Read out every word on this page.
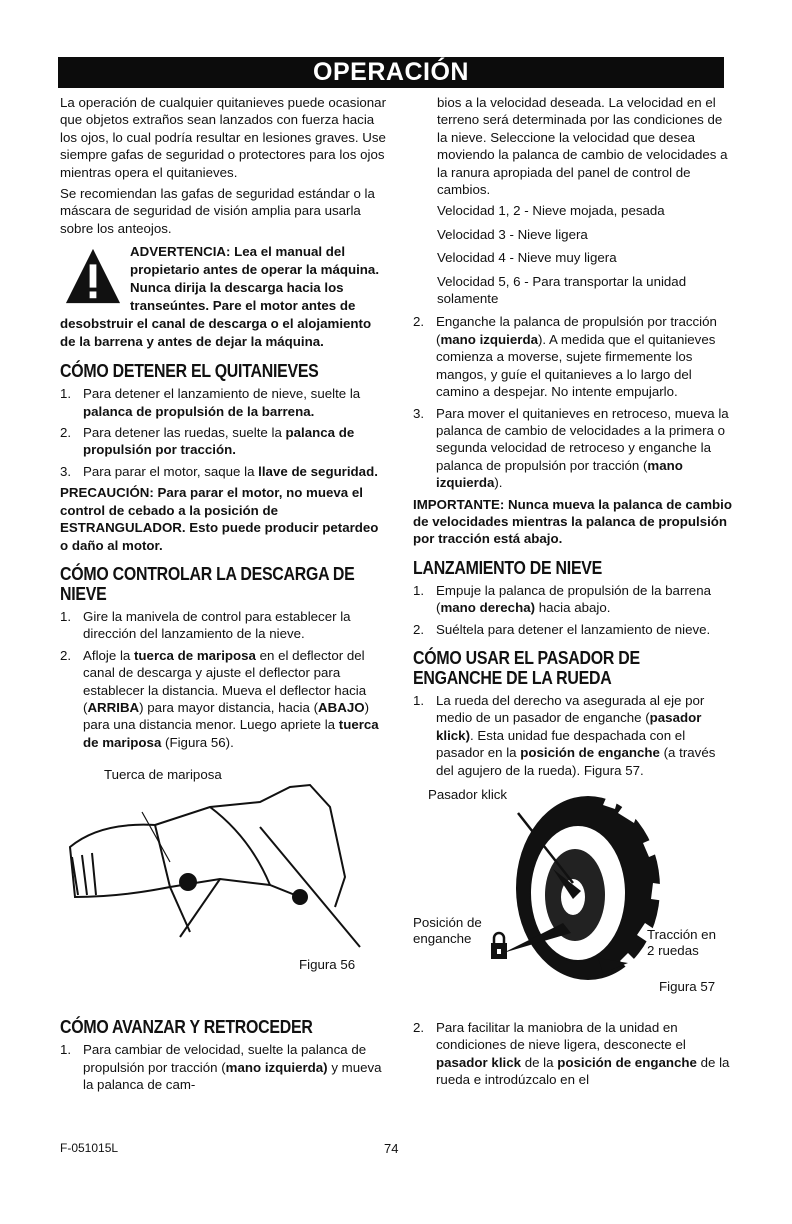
OPERACIÓN

La operación de cualquier quitanieves puede ocasionar que objetos extraños sean lanzados con fuerza hacia los ojos, lo cual podría resultar en lesiones graves. Use siempre gafas de seguridad o protectores para los ojos mientras opera el quitanieves.

Se recomiendan las gafas de seguridad estándar o la máscara de seguridad de visión amplia para usarla sobre los anteojos.

ADVERTENCIA: Lea el manual del propietario antes de operar la máquina. Nunca dirija la descarga hacia los transeúntes. Pare el motor antes de desobstruir el canal de descarga o el alojamiento de la barrena y antes de dejar la máquina.
CÓMO DETENER EL QUITANIEVES
1. Para detener el lanzamiento de nieve, suelte la palanca de propulsión de la barrena.
2. Para detener las ruedas, suelte la palanca de propulsión por tracción.
3. Para parar el motor, saque la llave de seguridad.

PRECAUCIÓN: Para parar el motor, no mueva el control de cebado a la posición de ESTRANGULADOR. Esto puede producir petardeo o daño al motor.

CÓMO CONTROLAR LA DESCARGA DE NIEVE
1. Gire la manivela de control para establecer la dirección del lanzamiento de la nieve.
2. Afloje la tuerca de mariposa en el deflector del canal de descarga y ajuste el deflector para establecer la distancia. Mueva el deflector hacia (ARRIBA) para mayor distancia, hacia (ABAJO) para una distancia menor. Luego apriete la tuerca de mariposa (Figura 56).
Tuerca de mariposa
Figura 56
CÓMO AVANZAR Y RETROCEDER
1. Para cambiar de velocidad, suelte la palanca de propulsión por tracción (mano izquierda) y mueva la palanca de cam-

bios a la velocidad deseada. La velocidad en el terreno será determinada por las condiciones de la nieve. Seleccione la velocidad que desea moviendo la palanca de cambio de velocidades a la ranura apropiada del panel de control de cambios.

Velocidad 1, 2 - Nieve mojada, pesada
Velocidad 3 - Nieve ligera
Velocidad 4 - Nieve muy ligera
Velocidad 5, 6 - Para transportar la unidad solamente
2. Enganche la palanca de propulsión por tracción (mano izquierda). A medida que el quitanieves comienza a moverse, sujete firmemente los mangos, y guíe el quitanieves a lo largo del camino a despejar. No intente empujarlo.
3. Para mover el quitanieves en retroceso, mueva la palanca de cambio de velocidades a la primera o segunda velocidad de retroceso y enganche la palanca de propulsión por tracción (mano izquierda).

IMPORTANTE: Nunca mueva la palanca de cambio de velocidades mientras la palanca de propulsión por tracción está abajo.

LANZAMIENTO DE NIEVE
1. Empuje la palanca de propulsión de la barrena (mano derecha) hacia abajo.
2. Suéltela para detener el lanzamiento de nieve.
CÓMO USAR EL PASADOR DE ENGANCHE DE LA RUEDA
1. La rueda del derecho va asegurada al eje por medio de un pasador de enganche (pasador klick). Esta unidad fue despachada con el pasador en la posición de enganche (a través del agujero de la rueda). Figura 57.
Pasador klick
Posición de
enganche	Tracción en
2 ruedas
Figura 57
2. Para facilitar la maniobra de la unidad en condiciones de nieve ligera, desconecte el pasador klick de la posición de enganche de la rueda e introdúzcalo en el
F-051015L	74
